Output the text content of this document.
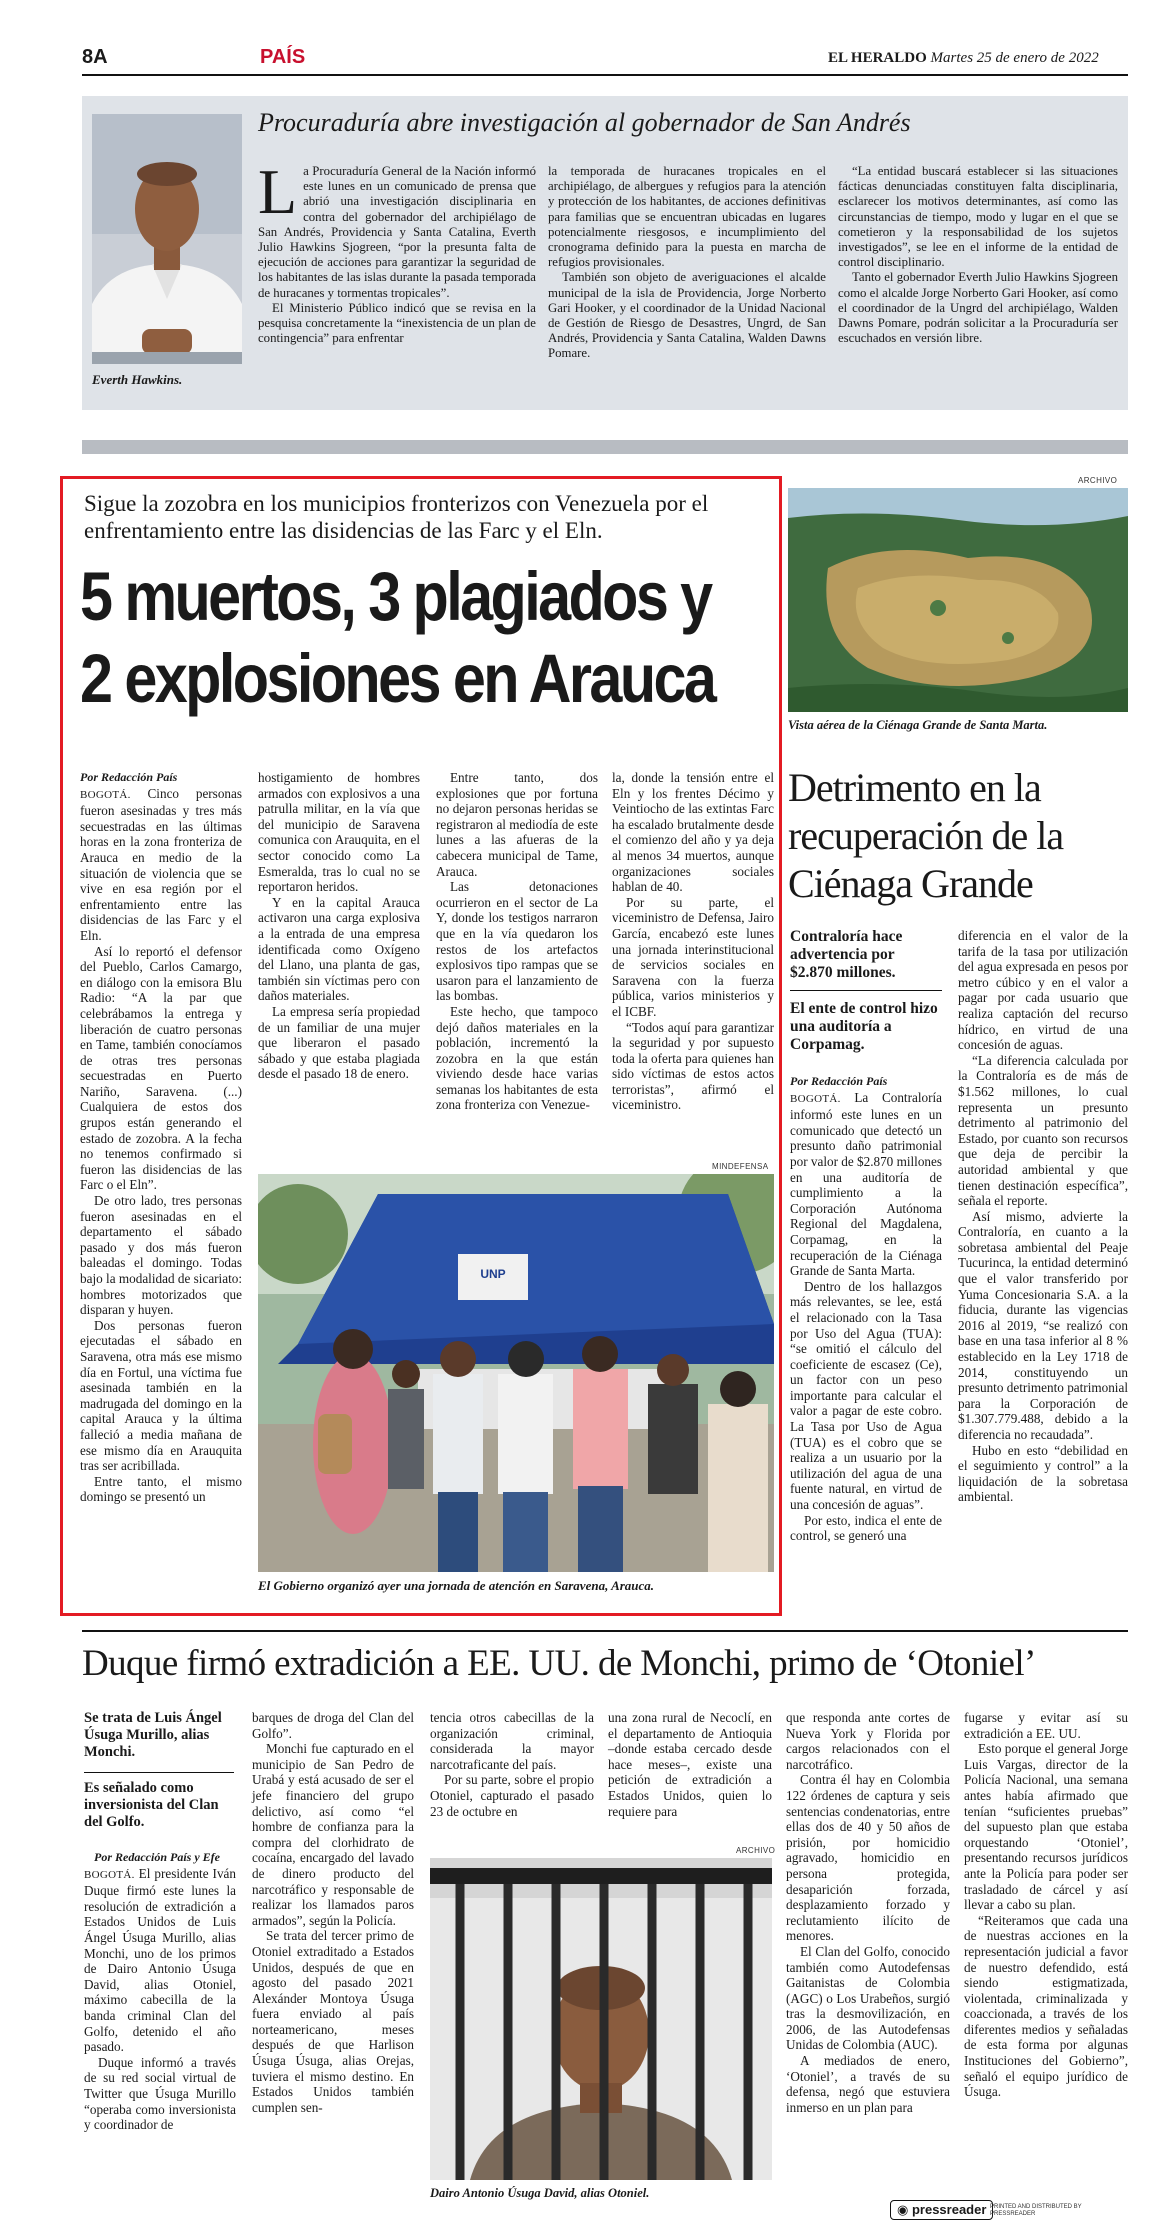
8A	PAÍS	EL HERALDO Martes 25 de enero de 2022
Everth Hawkins.
Procuraduría abre investigación al gobernador de San Andrés
L a Procuraduría General de la Nación informó este lunes en un comunicado de prensa que abrió una investigación disciplinaria en contra del gobernador del archipiélago de San Andrés, Providencia y Santa Catalina, Everth Julio Hawkins Sjogreen, “por la presunta falta de ejecución de acciones para garantizar la seguridad de los habitantes de las islas durante la pasada temporada de huracanes y tormentas tropicales”.

El Ministerio Público indicó que se revisa en la pesquisa concretamente la “inexistencia de un plan de contingencia” para enfrentar

la temporada de huracanes tropicales en el archipiélago, de albergues y refugios para la atención y protección de los habitantes, de acciones definitivas para familias que se encuentran ubicadas en lugares potencialmente riesgosos, e incumplimiento del cronograma definido para la puesta en marcha de refugios provisionales.

También son objeto de averiguaciones el alcalde municipal de la isla de Providencia, Jorge Norberto Gari Hooker, y el coordinador de la Unidad Nacional de Gestión de Riesgo de Desastres, Ungrd, de San Andrés, Providencia y Santa Catalina, Walden Dawns Pomare.

“La entidad buscará establecer si las situaciones fácticas denunciadas constituyen falta disciplinaria, esclarecer los motivos determinantes, así como las circunstancias de tiempo, modo y lugar en el que se cometieron y la responsabilidad de los sujetos investigados”, se lee en el informe de la entidad de control disciplinario.

Tanto el gobernador Everth Julio Hawkins Sjogreen como el alcalde Jorge Norberto Gari Hooker, así como el coordinador de la Ungrd del archipiélago, Walden Dawns Pomare, podrán solicitar a la Procuraduría ser escuchados en versión libre.

Sigue la zozobra en los municipios fronterizos con Venezuela por el enfrentamiento entre las disidencias de las Farc y el Eln.
5 muertos, 3 plagiados y
2 explosiones en Arauca

Por Redacción País

BOGOTÁ. Cinco personas fueron asesinadas y tres más secuestradas en las últimas horas en la zona fronteriza de Arauca en medio de la situación de violencia que se vive en esa región por el enfrentamiento entre las disidencias de las Farc y el Eln.

Así lo reportó el defensor del Pueblo, Carlos Camargo, en diálogo con la emisora Blu Radio: “A la par que celebrábamos la entrega y liberación de cuatro personas en Tame, también conocíamos de otras tres personas secuestradas en Puerto Nariño, Saravena. (...) Cualquiera de estos dos grupos están generando el estado de zozobra. A la fecha no tenemos confirmado si fueron las disidencias de las Farc o el Eln”.

De otro lado, tres personas fueron asesinadas en el departamento el sábado pasado y dos más fueron baleadas el domingo. Todas bajo la modalidad de sicariato: hombres motorizados que disparan y huyen.

Dos personas fueron ejecutadas el sábado en Saravena, otra más ese mismo día en Fortul, una víctima fue asesinada también en la madrugada del domingo en la capital Arauca y la última falleció a media mañana de ese mismo día en Arauquita tras ser acribillada.

Entre tanto, el mismo domingo se presentó un

hostigamiento de hombres armados con explosivos a una patrulla militar, en la vía que del municipio de Saravena comunica con Arauquita, en el sector conocido como La Esmeralda, tras lo cual no se reportaron heridos.

Y en la capital Arauca activaron una carga explosiva a la entrada de una empresa identificada como Oxígeno del Llano, una planta de gas, también sin víctimas pero con daños materiales.

La empresa sería propiedad de un familiar de una mujer que liberaron el pasado sábado y que estaba plagiada desde el pasado 18 de enero.

Entre tanto, dos explosiones que por fortuna no dejaron personas heridas se registraron al mediodía de este lunes a las afueras de la cabecera municipal de Tame, Arauca.

Las detonaciones ocurrieron en el sector de La Y, donde los testigos narraron que en la vía quedaron los restos de los artefactos explosivos tipo rampas que se usaron para el lanzamiento de las bombas.

Este hecho, que tampoco dejó daños materiales en la población, incrementó la zozobra en la que están viviendo desde hace varias semanas los habitantes de esta zona fronteriza con Venezue-

la, donde la tensión entre el Eln y los frentes Décimo y Veintiocho de las extintas Farc ha escalado brutalmente desde el comienzo del año y ya deja al menos 34 muertos, aunque organizaciones sociales hablan de 40.

Por su parte, el viceministro de Defensa, Jairo García, encabezó este lunes una jornada interinstitucional de servicios sociales en Saravena con la fuerza pública, varios ministerios y el ICBF.

“Todos aquí para garantizar la seguridad y por supuesto toda la oferta para quienes han sido víctimas de estos actos terroristas”, afirmó el viceministro.

MINDEFENSA
UNP
El Gobierno organizó ayer una jornada de atención en Saravena, Arauca.
ARCHIVO
Vista aérea de la Ciénaga Grande de Santa Marta.
Detrimento en la recuperación de la Ciénaga Grande
Contraloría hace advertencia por $2.870 millones.
El ente de control hizo una auditoría a Corpamag.

Por Redacción País

BOGOTÁ. La Contraloría informó este lunes en un comunicado que detectó un presunto daño patrimonial por valor de $2.870 millones en una auditoría de cumplimiento a la Corporación Autónoma Regional del Magdalena, Corpamag, en la recuperación de la Ciénaga Grande de Santa Marta.

Dentro de los hallazgos más relevantes, se lee, está el relacionado con la Tasa por Uso del Agua (TUA): “se omitió el cálculo del coeficiente de escasez (Ce), un factor con un peso importante para calcular el valor a pagar de este cobro. La Tasa por Uso de Agua (TUA) es el cobro que se realiza a un usuario por la utilización del agua de una fuente natural, en virtud de una concesión de aguas”.

Por esto, indica el ente de control, se generó una

diferencia en el valor de la tarifa de la tasa por utilización del agua expresada en pesos por metro cúbico y en el valor a pagar por cada usuario que realiza captación del recurso hídrico, en virtud de una concesión de aguas.

“La diferencia calculada por la Contraloría es de más de $1.562 millones, lo cual representa un presunto detrimento al patrimonio del Estado, por cuanto son recursos que deja de percibir la autoridad ambiental y que tienen destinación específica”, señala el reporte.

Así mismo, advierte la Contraloría, en cuanto a la sobretasa ambiental del Peaje Tucurinca, la entidad determinó que el valor transferido por Yuma Concesionaria S.A. a la fiducia, durante las vigencias 2016 al 2019, “se realizó con base en una tasa inferior al 8 % establecido en la Ley 1718 de 2014, constituyendo un presunto detrimento patrimonial para la Corporación de $1.307.779.488, debido a la diferencia no recaudada”.

Hubo en esto “debilidad en el seguimiento y control” a la liquidación de la sobretasa ambiental.

Duque firmó extradición a EE. UU. de Monchi, primo de ‘Otoniel’
Se trata de Luis Ángel Úsuga Murillo, alias Monchi.
Es señalado como inversionista del Clan del Golfo.

Por Redacción País y Efe

BOGOTÁ. El presidente Iván Duque firmó este lunes la resolución de extradición a Estados Unidos de Luis Ángel Úsuga Murillo, alias Monchi, uno de los primos de Dairo Antonio Úsuga David, alias Otoniel, máximo cabecilla de la banda criminal Clan del Golfo, detenido el año pasado.

Duque informó a través de su red social virtual de Twitter que Úsuga Murillo “operaba como inversionista y coordinador de

barques de droga del Clan del Golfo”.

Monchi fue capturado en el municipio de San Pedro de Urabá y está acusado de ser el jefe financiero del grupo delictivo, así como “el hombre de confianza para la compra del clorhidrato de cocaína, encargado del lavado de dinero producto del narcotráfico y responsable de realizar los llamados paros armados”, según la Policía.

Se trata del tercer primo de Otoniel extraditado a Estados Unidos, después de que en agosto del pasado 2021 Alexánder Montoya Úsuga fuera enviado al país norteamericano, meses después de que Harlison Úsuga Úsuga, alias Orejas, tuviera el mismo destino. En Estados Unidos también cumplen sen-

tencia otros cabecillas de la organización criminal, considerada la mayor narcotraficante del país.

Por su parte, sobre el propio Otoniel, capturado el pasado 23 de octubre en

una zona rural de Necoclí, en el departamento de Antioquia –donde estaba cercado desde hace meses–, existe una petición de extradición a Estados Unidos, quien lo requiere para

que responda ante cortes de Nueva York y Florida por cargos relacionados con el narcotráfico.

Contra él hay en Colombia 122 órdenes de captura y seis sentencias condenatorias, entre ellas dos de 40 y 50 años de prisión, por homicidio agravado, homicidio en persona protegida, desaparición forzada, desplazamiento forzado y reclutamiento ilícito de menores.

El Clan del Golfo, conocido también como Autodefensas Gaitanistas de Colombia (AGC) o Los Urabeños, surgió tras la desmovilización, en 2006, de las Autodefensas Unidas de Colombia (AUC).

A mediados de enero, ‘Otoniel’, a través de su defensa, negó que estuviera inmerso en un plan para

fugarse y evitar así su extradición a EE. UU.

Esto porque el general Jorge Luis Vargas, director de la Policía Nacional, una semana antes había afirmado que tenían “suficientes pruebas” del supuesto plan que estaba orquestando ‘Otoniel’, presentando recursos jurídicos ante la Policía para poder ser trasladado de cárcel y así llevar a cabo su plan.

“Reiteramos que cada una de nuestras acciones en la representación judicial a favor de nuestro defendido, está siendo estigmatizada, violentada, criminalizada y coaccionada, a través de los diferentes medios y señaladas de esta forma por algunas Instituciones del Gobierno”, señaló el equipo jurídico de Úsuga.

ARCHIVO
Dairo Antonio Úsuga David, alias Otoniel.
◉ pressreader PRINTED AND DISTRIBUTED BY PRESSREADER
